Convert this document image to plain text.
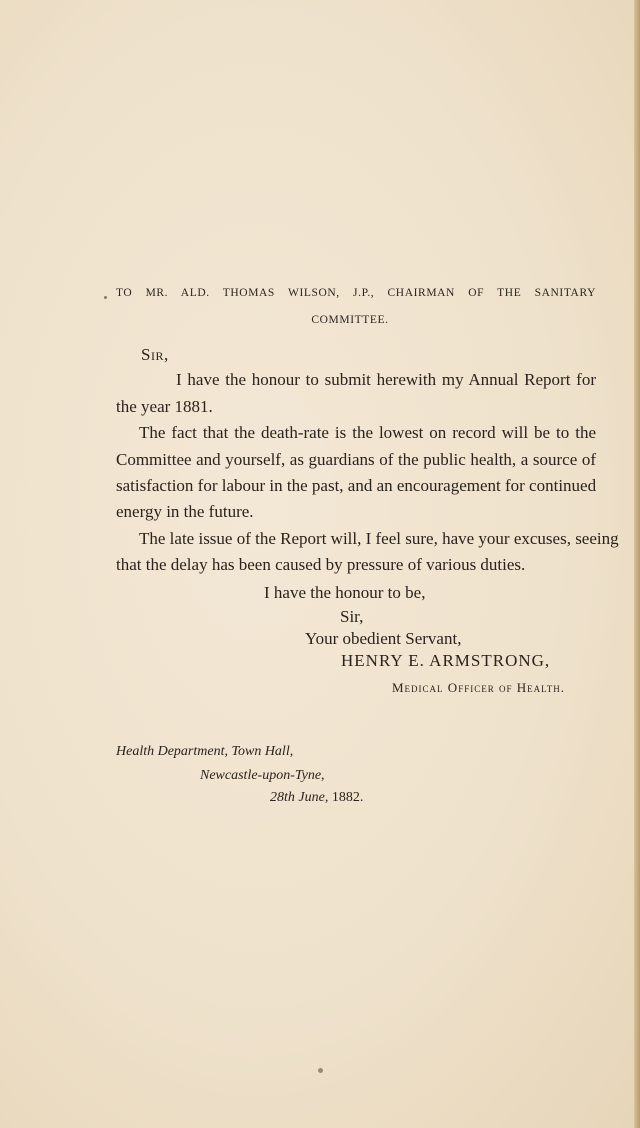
TO MR. ALD. THOMAS WILSON, J.P., CHAIRMAN OF THE SANITARY
COMMITTEE.
Sir,
I have the honour to submit herewith my Annual Report for
the year 1881.
The fact that the death-rate is the lowest on record will be to the
Committee and yourself, as guardians of the public health, a source of
satisfaction for labour in the past, and an encouragement for continued
energy in the future.
The late issue of the Report will, I feel sure, have your excuses, seeing
that the delay has been caused by pressure of various duties.
I have the honour to be,
Sir,
Your obedient Servant,
HENRY E. ARMSTRONG,
Medical Officer of Health.
Health Department, Town Hall,
Newcastle-upon-Tyne,
28th June, 1882.
